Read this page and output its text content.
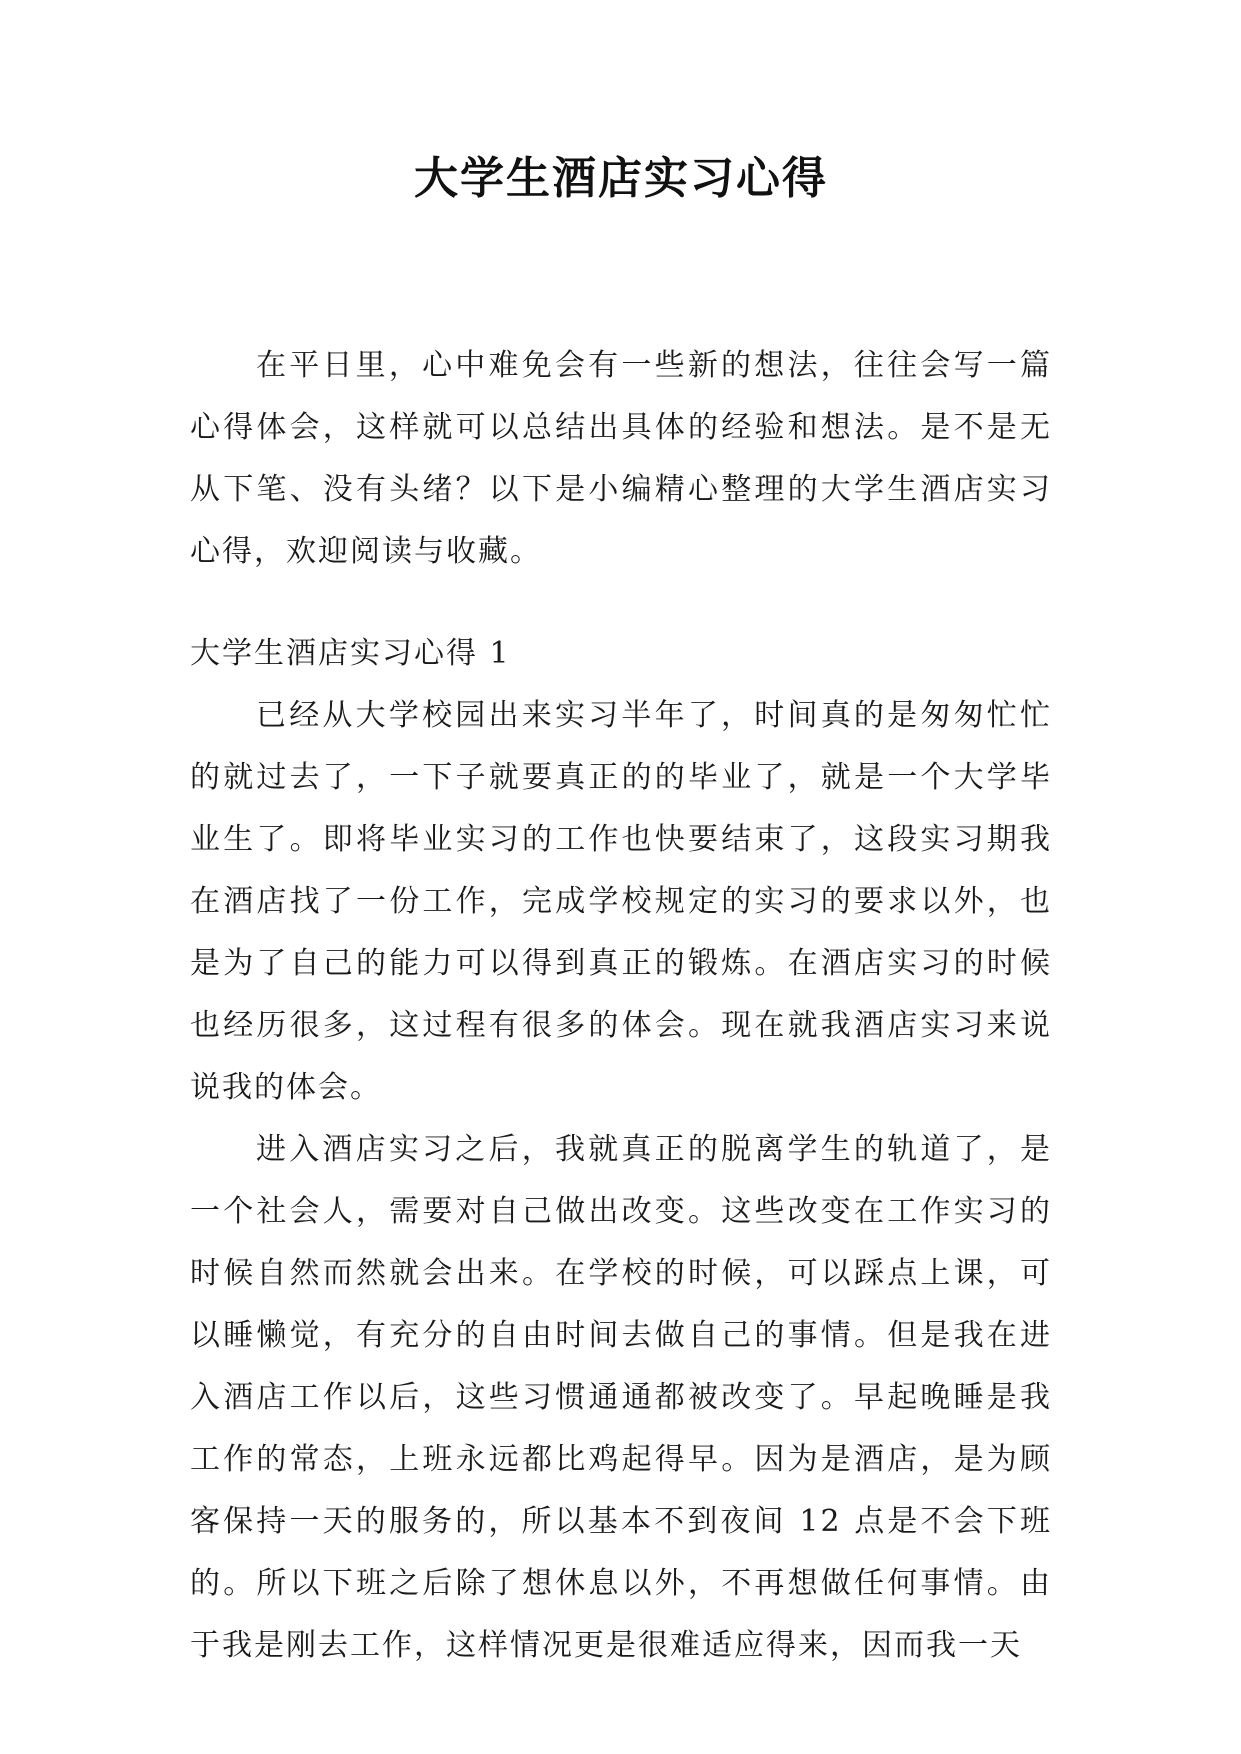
大学生酒店实习心得

在平日里，心中难免会有一些新的想法，往往会写一篇心得体会，这样就可以总结出具体的经验和想法。是不是无从下笔、没有头绪？以下是小编精心整理的大学生酒店实习心得，欢迎阅读与收藏。

大学生酒店实习心得 1

已经从大学校园出来实习半年了，时间真的是匆匆忙忙的就过去了，一下子就要真正的的毕业了，就是一个大学毕业生了。即将毕业实习的工作也快要结束了，这段实习期我在酒店找了一份工作，完成学校规定的实习的要求以外，也是为了自己的能力可以得到真正的锻炼。在酒店实习的时候也经历很多，这过程有很多的体会。现在就我酒店实习来说说我的体会。

进入酒店实习之后，我就真正的脱离学生的轨道了，是一个社会人，需要对自己做出改变。这些改变在工作实习的时候自然而然就会出来。在学校的时候，可以踩点上课，可以睡懒觉，有充分的自由时间去做自己的事情。但是我在进入酒店工作以后，这些习惯通通都被改变了。早起晚睡是我工作的常态，上班永远都比鸡起得早。因为是酒店，是为顾客保持一天的服务的，所以基本不到夜间 12 点是不会下班的。所以下班之后除了想休息以外，不再想做任何事情。由于我是刚去工作，这样情况更是很难适应得来，因而我一天
